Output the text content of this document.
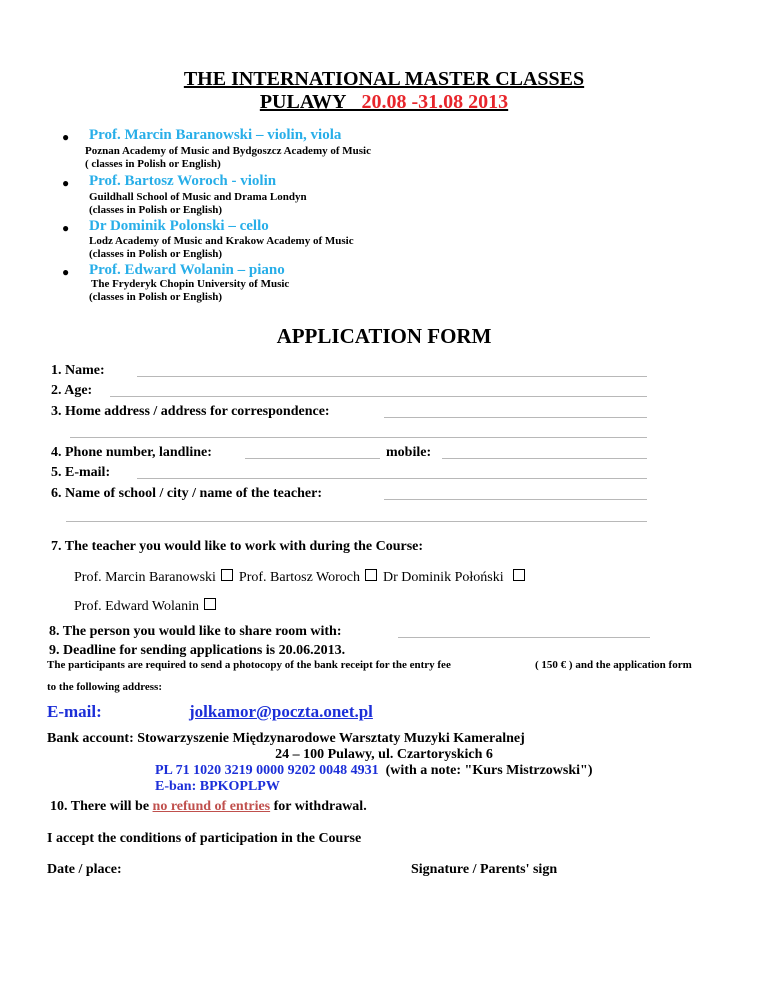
THE INTERNATIONAL MASTER CLASSES
PULAWY 20.08 -31.08 2013
● Prof. Marcin Baranowski – violin, viola
Poznan Academy of Music and Bydgoszcz Academy of Music
( classes in Polish or English)
● Prof. Bartosz Woroch - violin
Guildhall School of Music and Drama Londyn
(classes in Polish or English)
● Dr Dominik Polonski – cello
Lodz Academy of Music and Krakow Academy of Music
(classes in Polish or English)
● Prof. Edward Wolanin – piano
The Fryderyk Chopin University of Music
(classes in Polish or English)
APPLICATION FORM
1. Name:
2. Age:
3. Home address / address for correspondence:
4. Phone number, landline:	mobile:
5. E-mail:
6. Name of school / city / name of the teacher:
7. The teacher you would like to work with during the Course:
Prof. Marcin Baranowski Prof. Bartosz Woroch Dr Dominik Połoński
Prof. Edward Wolanin
8. The person you would like to share room with:
9. Deadline for sending applications is 20.06.2013.
The participants are required to send a photocopy of the bank receipt for the entry fee	( 150 € ) and the application form
to the following address:
E-mail:	jolkamor@poczta.onet.pl
Bank account: Stowarzyszenie Międzynarodowe Warsztaty Muzyki Kameralnej
24 – 100 Pulawy, ul. Czartoryskich 6
PL 71 1020 3219 0000 9202 0048 4931 (with a note: "Kurs Mistrzowski")
E-ban: BPKOPLPW
10. There will be no refund of entries for withdrawal.
I accept the conditions of participation in the Course
Date / place:	Signature / Parents' sign
